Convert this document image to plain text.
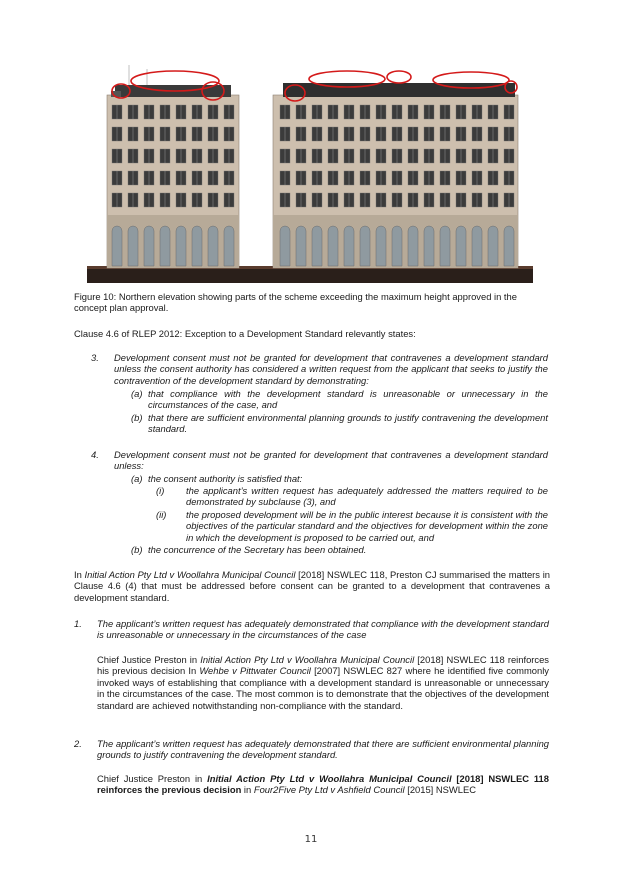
Figure 10: Northern elevation showing parts of the scheme exceeding the maximum height approved in the concept plan approval.
Clause 4.6 of RLEP 2012: Exception to a Development Standard relevantly states:
3. Development consent must not be granted for development that contravenes a development standard unless the consent authority has considered a written request from the applicant that seeks to justify the contravention of the development standard by demonstrating:
(a) that compliance with the development standard is unreasonable or unnecessary in the circumstances of the case, and
(b) that there are sufficient environmental planning grounds to justify contravening the development standard.
4. Development consent must not be granted for development that contravenes a development standard unless:
(a) the consent authority is satisfied that:
(i) the applicant’s written request has adequately addressed the matters required to be demonstrated by subclause (3), and
(ii) the proposed development will be in the public interest because it is consistent with the objectives of the particular standard and the objectives for development within the zone in which the development is proposed to be carried out, and
(b) the concurrence of the Secretary has been obtained.
In Initial Action Pty Ltd v Woollahra Municipal Council [2018] NSWLEC 118, Preston CJ summarised the matters in Clause 4.6 (4) that must be addressed before consent can be granted to a development that contravenes a development standard.
1. The applicant’s written request has adequately demonstrated that compliance with the development standard is unreasonable or unnecessary in the circumstances of the case
Chief Justice Preston in Initial Action Pty Ltd v Woollahra Municipal Council [2018] NSWLEC 118 reinforces his previous decision In Wehbe v Pittwater Council [2007] NSWLEC 827 where he identified five commonly invoked ways of establishing that compliance with a development standard is unreasonable or unnecessary in the circumstances of the case. The most common is to demonstrate that the objectives of the development standard are achieved notwithstanding non-compliance with the standard.
2. The applicant’s written request has adequately demonstrated that there are sufficient environmental planning grounds to justify contravening the development standard.
Chief Justice Preston in Initial Action Pty Ltd v Woollahra Municipal Council [2018] NSWLEC 118 reinforces the previous decision in Four2Five Pty Ltd v Ashfield Council [2015] NSWLEC
11
